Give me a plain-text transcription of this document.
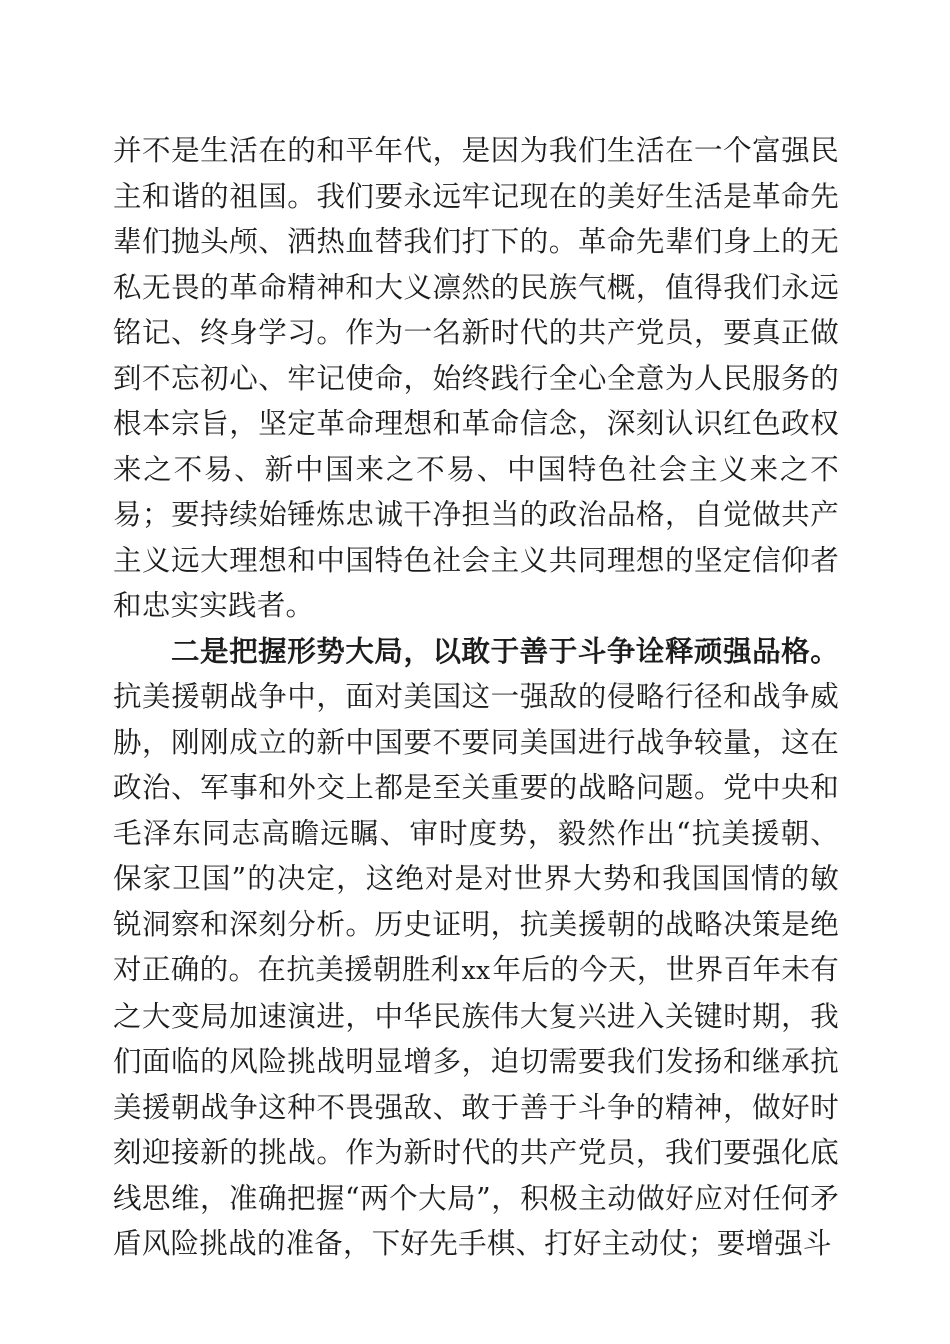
并不是生活在的和平年代，是因为我们生活在一个富强民主和谐的祖国。我们要永远牢记现在的美好生活是革命先辈们抛头颅、洒热血替我们打下的。革命先辈们身上的无私无畏的革命精神和大义凛然的民族气概，值得我们永远铭记、终身学习。作为一名新时代的共产党员，要真正做到不忘初心、牢记使命，始终践行全心全意为人民服务的根本宗旨，坚定革命理想和革命信念，深刻认识红色政权来之不易、新中国来之不易、中国特色社会主义来之不易；要持续始锤炼忠诚干净担当的政治品格，自觉做共产主义远大理想和中国特色社会主义共同理想的坚定信仰者和忠实实践者。

二是把握形势大局，以敢于善于斗争诠释顽强品格。抗美援朝战争中，面对美国这一强敌的侵略行径和战争威胁，刚刚成立的新中国要不要同美国进行战争较量，这在政治、军事和外交上都是至关重要的战略问题。党中央和毛泽东同志高瞻远瞩、审时度势，毅然作出“抗美援朝、保家卫国”的决定，这绝对是对世界大势和我国国情的敏锐洞察和深刻分析。历史证明，抗美援朝的战略决策是绝对正确的。在抗美援朝胜利xx年后的今天，世界百年未有之大变局加速演进，中华民族伟大复兴进入关键时期，我们面临的风险挑战明显增多，迫切需要我们发扬和继承抗美援朝战争这种不畏强敌、敢于善于斗争的精神，做好时刻迎接新的挑战。作为新时代的共产党员，我们要强化底线思维，准确把握“两个大局”，积极主动做好应对任何矛盾风险挑战的准备，下好先手棋、打好主动仗；要增强斗
